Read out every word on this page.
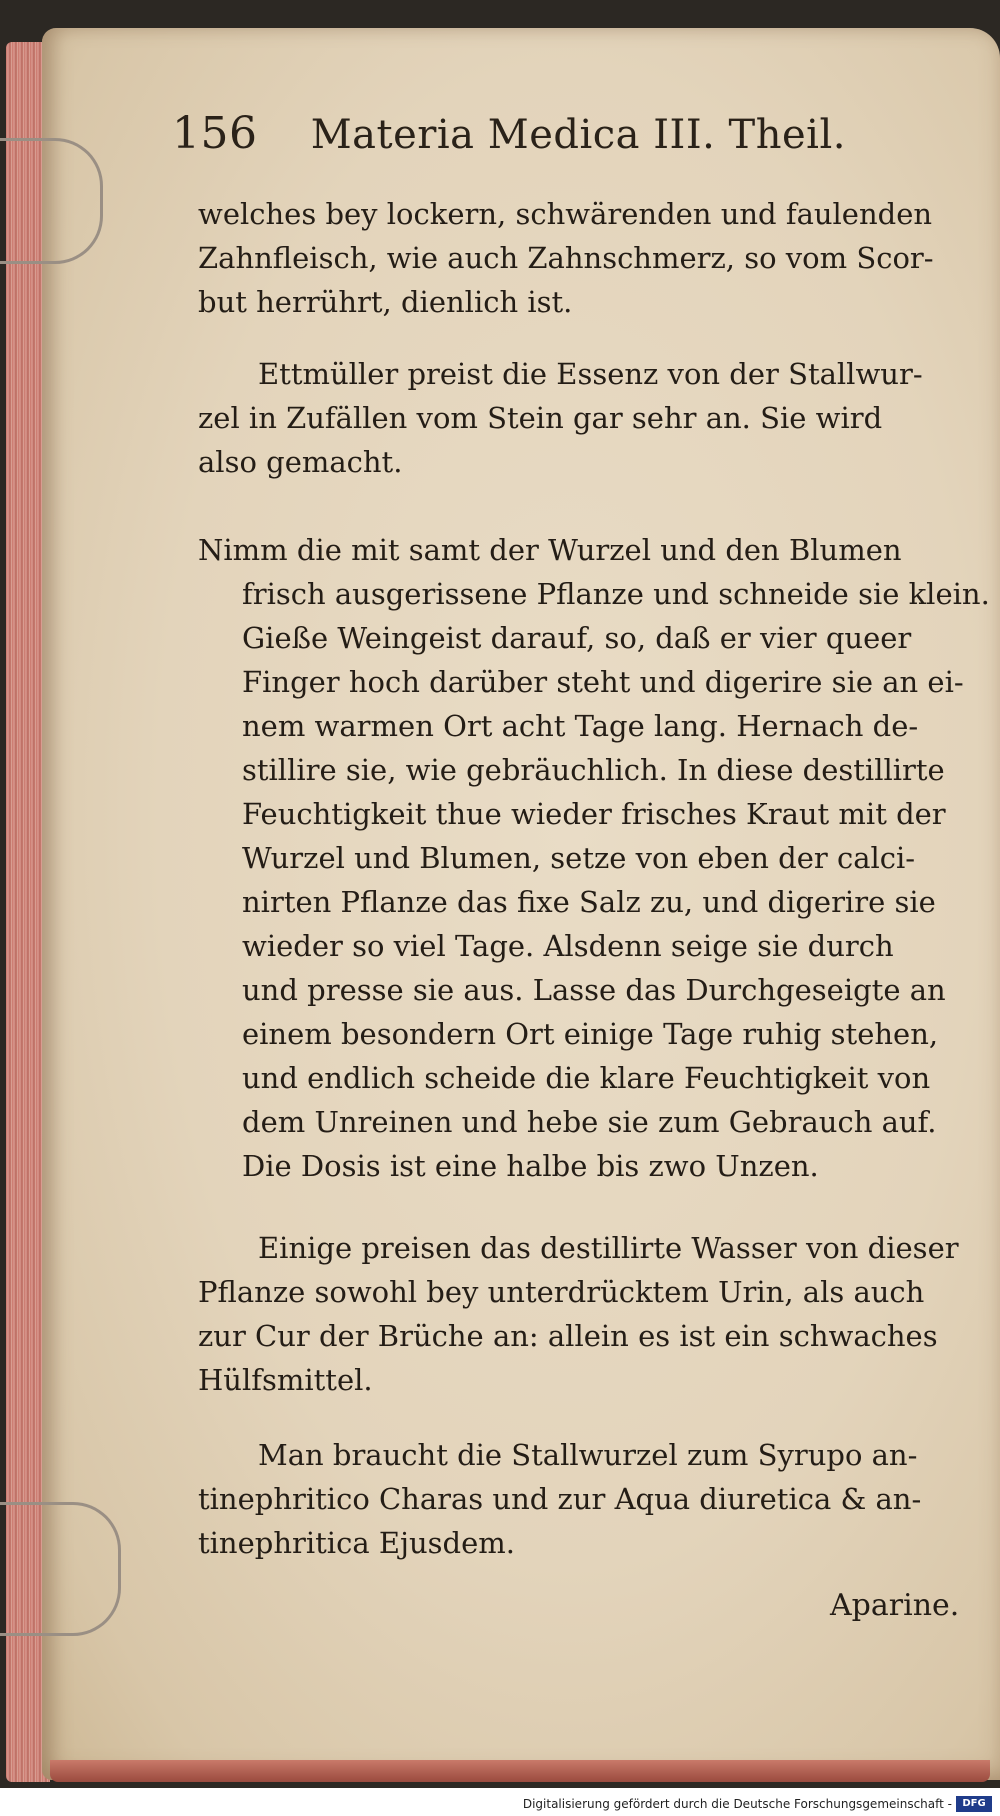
156 Materia Medica III. Theil.
welches bey lockern, schwärenden und faulenden
Zahnfleisch, wie auch Zahnschmerz, so vom Scor-
but herrührt, dienlich ist.
Ettmüller preist die Essenz von der Stallwur-
zel in Zufällen vom Stein gar sehr an. Sie wird
also gemacht.
Nimm die mit samt der Wurzel und den Blumen
frisch ausgerissene Pflanze und schneide sie klein.
Gieße Weingeist darauf, so, daß er vier queer
Finger hoch darüber steht und digerire sie an ei-
nem warmen Ort acht Tage lang. Hernach de-
stillire sie, wie gebräuchlich. In diese destillirte
Feuchtigkeit thue wieder frisches Kraut mit der
Wurzel und Blumen, setze von eben der calci-
nirten Pflanze das fixe Salz zu, und digerire sie
wieder so viel Tage. Alsdenn seige sie durch
und presse sie aus. Lasse das Durchgeseigte an
einem besondern Ort einige Tage ruhig stehen,
und endlich scheide die klare Feuchtigkeit von
dem Unreinen und hebe sie zum Gebrauch auf.
Die Dosis ist eine halbe bis zwo Unzen.
Einige preisen das destillirte Wasser von dieser
Pflanze sowohl bey unterdrücktem Urin, als auch
zur Cur der Brüche an: allein es ist ein schwaches
Hülfsmittel.
Man braucht die Stallwurzel zum Syrupo an-
tinephritico Charas und zur Aqua diuretica & an-
tinephritica Ejusdem.
Aparine.
Digitalisierung gefördert durch die Deutsche Forschungsgemeinschaft -	DFG
